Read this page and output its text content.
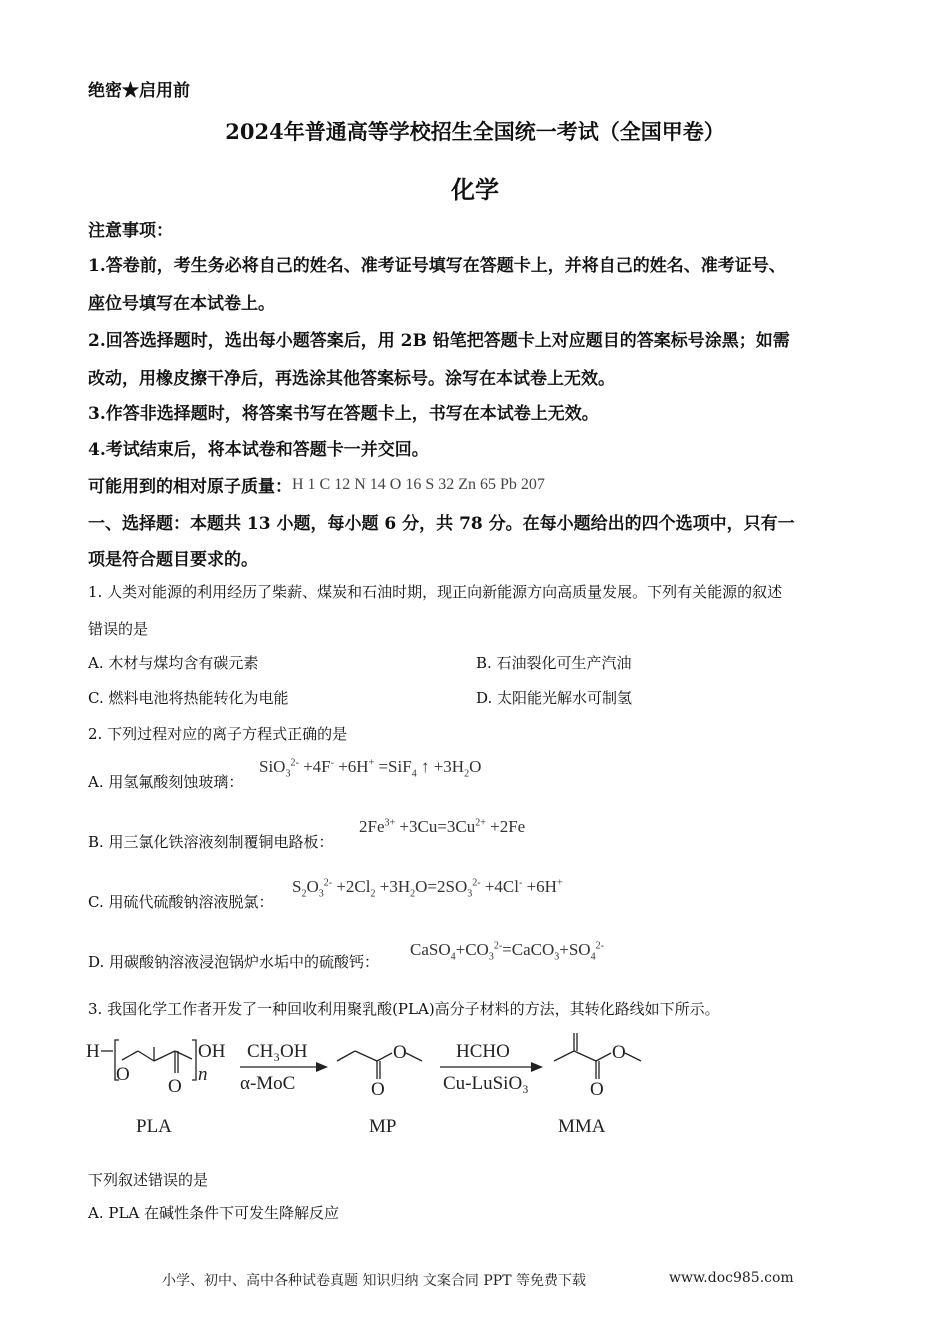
绝密★启用前
2024年普通高等学校招生全国统一考试（全国甲卷）
化学
注意事项：
1.答卷前，考生务必将自己的姓名、准考证号填写在答题卡上，并将自己的姓名、准考证号、
座位号填写在本试卷上。
2.回答选择题时，选出每小题答案后，用 2B 铅笔把答题卡上对应题目的答案标号涂黑；如需
改动，用橡皮擦干净后，再选涂其他答案标号。涂写在本试卷上无效。
3.作答非选择题时，将答案书写在答题卡上，书写在本试卷上无效。
4.考试结束后，将本试卷和答题卡一并交回。
可能用到的相对原子质量：H 1 C 12 N 14 O 16 S 32 Zn 65 Pb 207
一、选择题：本题共 13 小题，每小题 6 分，共 78 分。在每小题给出的四个选项中，只有一
项是符合题目要求的。
1. 人类对能源的利用经历了柴薪、煤炭和石油时期，现正向新能源方向高质量发展。下列有关能源的叙述
错误的是
A. 木材与煤均含有碳元素	B. 石油裂化可生产汽油
C. 燃料电池将热能转化为电能	D. 太阳能光解水可制氢
2. 下列过程对应的离子方程式正确的是
A. 用氢氟酸刻蚀玻璃：
SiO$_3^{2-}$ +4F- +6H+ =SiF$_4$ ↑ $+3H_2O$
B. 用三氯化铁溶液刻制覆铜电路板：
$2Fe^{3+} +3Cu=3Cu^{2+} +2Fe$
C. 用硫代硫酸钠溶液脱氯：
$S_2O_3^{2-} +2Cl_2 +3H_2O=2SO_3^{2-} +4Cl^- +6H^+$
D. 用碳酸钠溶液浸泡锅炉水垢中的硫酸钙：
$CaSO_4+CO_3^{2-}=CaCO_3+SO_4^{2-}$
3. 我国化学工作者开发了一种回收利用聚乳酸(PLA)高分子材料的方法，其转化路线如下所示。
H	OH
O
O
n
CH₃OH
α-MoC
HCHO
Cu-LuSiO₃
O
O
O
O
PLA	MP	MMA
下列叙述错误的是
A. PLA 在碱性条件下可发生降解反应
小学、初中、高中各种试卷真题 知识归纳 文案合同 PPT 等免费下载	www.doc985.com
